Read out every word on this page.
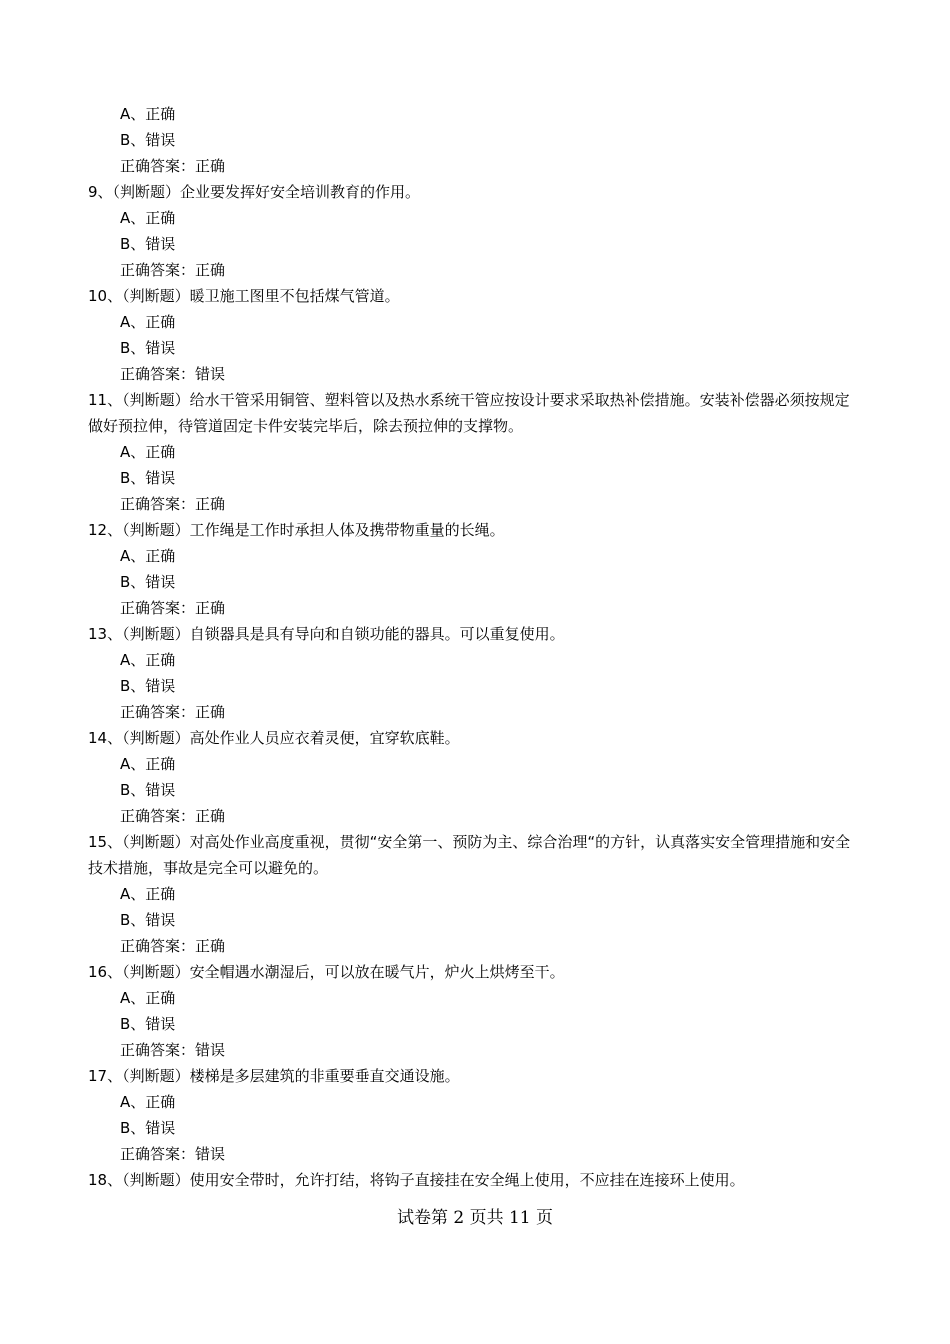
A、正确
B、错误
正确答案：正确
9、（判断题）企业要发挥好安全培训教育的作用。
A、正确
B、错误
正确答案：正确
10、（判断题）暖卫施工图里不包括煤气管道。
A、正确
B、错误
正确答案：错误
11、（判断题）给水干管采用铜管、塑料管以及热水系统干管应按设计要求采取热补偿措施。安装补偿器必须按规定做好预拉伸，待管道固定卡件安装完毕后，除去预拉伸的支撑物。
A、正确
B、错误
正确答案：正确
12、（判断题）工作绳是工作时承担人体及携带物重量的长绳。
A、正确
B、错误
正确答案：正确
13、（判断题）自锁器具是具有导向和自锁功能的器具。可以重复使用。
A、正确
B、错误
正确答案：正确
14、（判断题）高处作业人员应衣着灵便，宜穿软底鞋。
A、正确
B、错误
正确答案：正确
15、（判断题）对高处作业高度重视，贯彻“安全第一、预防为主、综合治理“的方针，认真落实安全管理措施和安全技术措施，事故是完全可以避免的。
A、正确
B、错误
正确答案：正确
16、（判断题）安全帽遇水潮湿后，可以放在暖气片，炉火上烘烤至干。
A、正确
B、错误
正确答案：错误
17、（判断题）楼梯是多层建筑的非重要垂直交通设施。
A、正确
B、错误
正确答案：错误
18、（判断题）使用安全带时，允许打结，将钩子直接挂在安全绳上使用，不应挂在连接环上使用。
试卷第 2 页共 11 页
